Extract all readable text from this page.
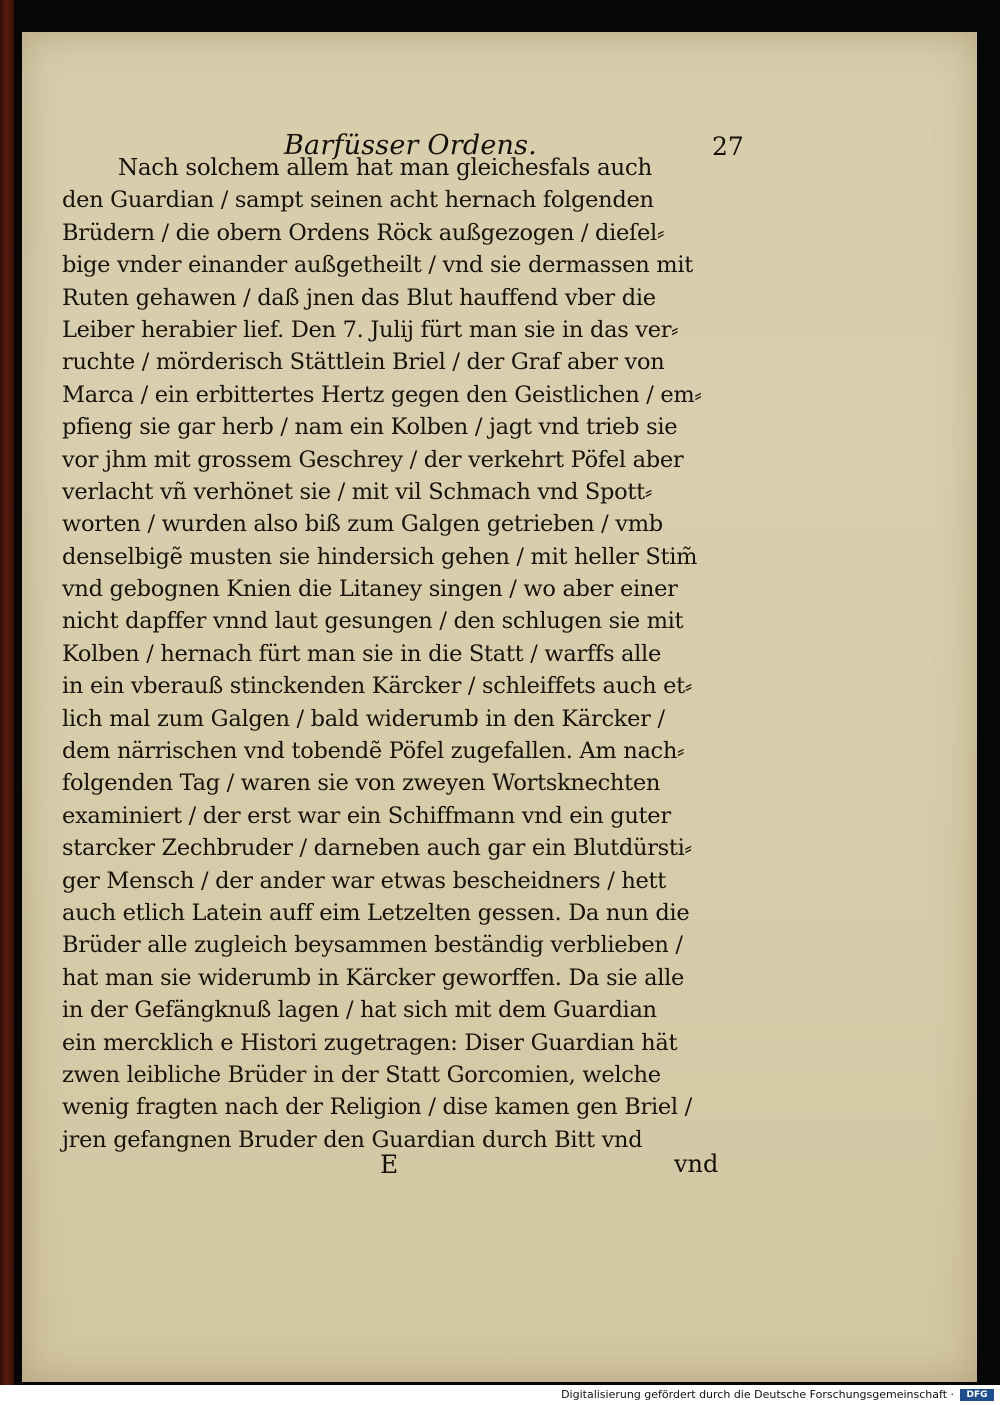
Barfüsser Ordens.	27
Nach solchem allem hat man gleichesfals auch
den Guardian / sampt seinen acht hernach folgenden
Brüdern / die obern Ordens Röck außgezogen / dieſel⸗
bige vnder einander außgetheilt / vnd sie dermassen mit
Ruten gehawen / daß jnen das Blut hauffend vber die
Leiber herabier lief. Den 7. Julij fürt man sie in das ver⸗
ruchte / mörderisch Stättlein Briel / der Graf aber von
Marca / ein erbittertes Hertz gegen den Geistlichen / em⸗
pfieng sie gar herb / nam ein Kolben / jagt vnd trieb sie
vor jhm mit grossem Geschrey / der verkehrt Pöfel aber
verlacht vñ verhönet sie / mit vil Schmach vnd Spott⸗
worten / wurden also biß zum Galgen getrieben / vmb
denselbigẽ musten sie hindersich gehen / mit heller Stim̃
vnd gebognen Knien die Litaney singen / wo aber einer
nicht dapffer vnnd laut gesungen / den schlugen sie mit
Kolben / hernach fürt man sie in die Statt / warffs alle
in ein vberauß stinckenden Kärcker / schleiffets auch et⸗
lich mal zum Galgen / bald widerumb in den Kärcker /
dem närrischen vnd tobendẽ Pöfel zugefallen. Am nach⸗
folgenden Tag / waren sie von zweyen Wortsknechten
examiniert / der erst war ein Schiffmann vnd ein guter
starcker Zechbruder / darneben auch gar ein Blutdürsti⸗
ger Mensch / der ander war etwas bescheidners / hett
auch etlich Latein auff eim Letzelten gessen. Da nun die
Brüder alle zugleich beysammen beständig verblieben /
hat man sie widerumb in Kärcker geworffen. Da sie alle
in der Gefängknuß lagen / hat sich mit dem Guardian
ein mercklich e Histori zugetragen: Diser Guardian hät
zwen leibliche Brüder in der Statt Gorcomien, welche
wenig fragten nach der Religion / dise kamen gen Briel /
jren gefangnen Bruder den Guardian durch Bitt vnd
E	vnd
Digitalisierung gefördert durch die Deutsche Forschungsgemeinschaft ·	DFG
